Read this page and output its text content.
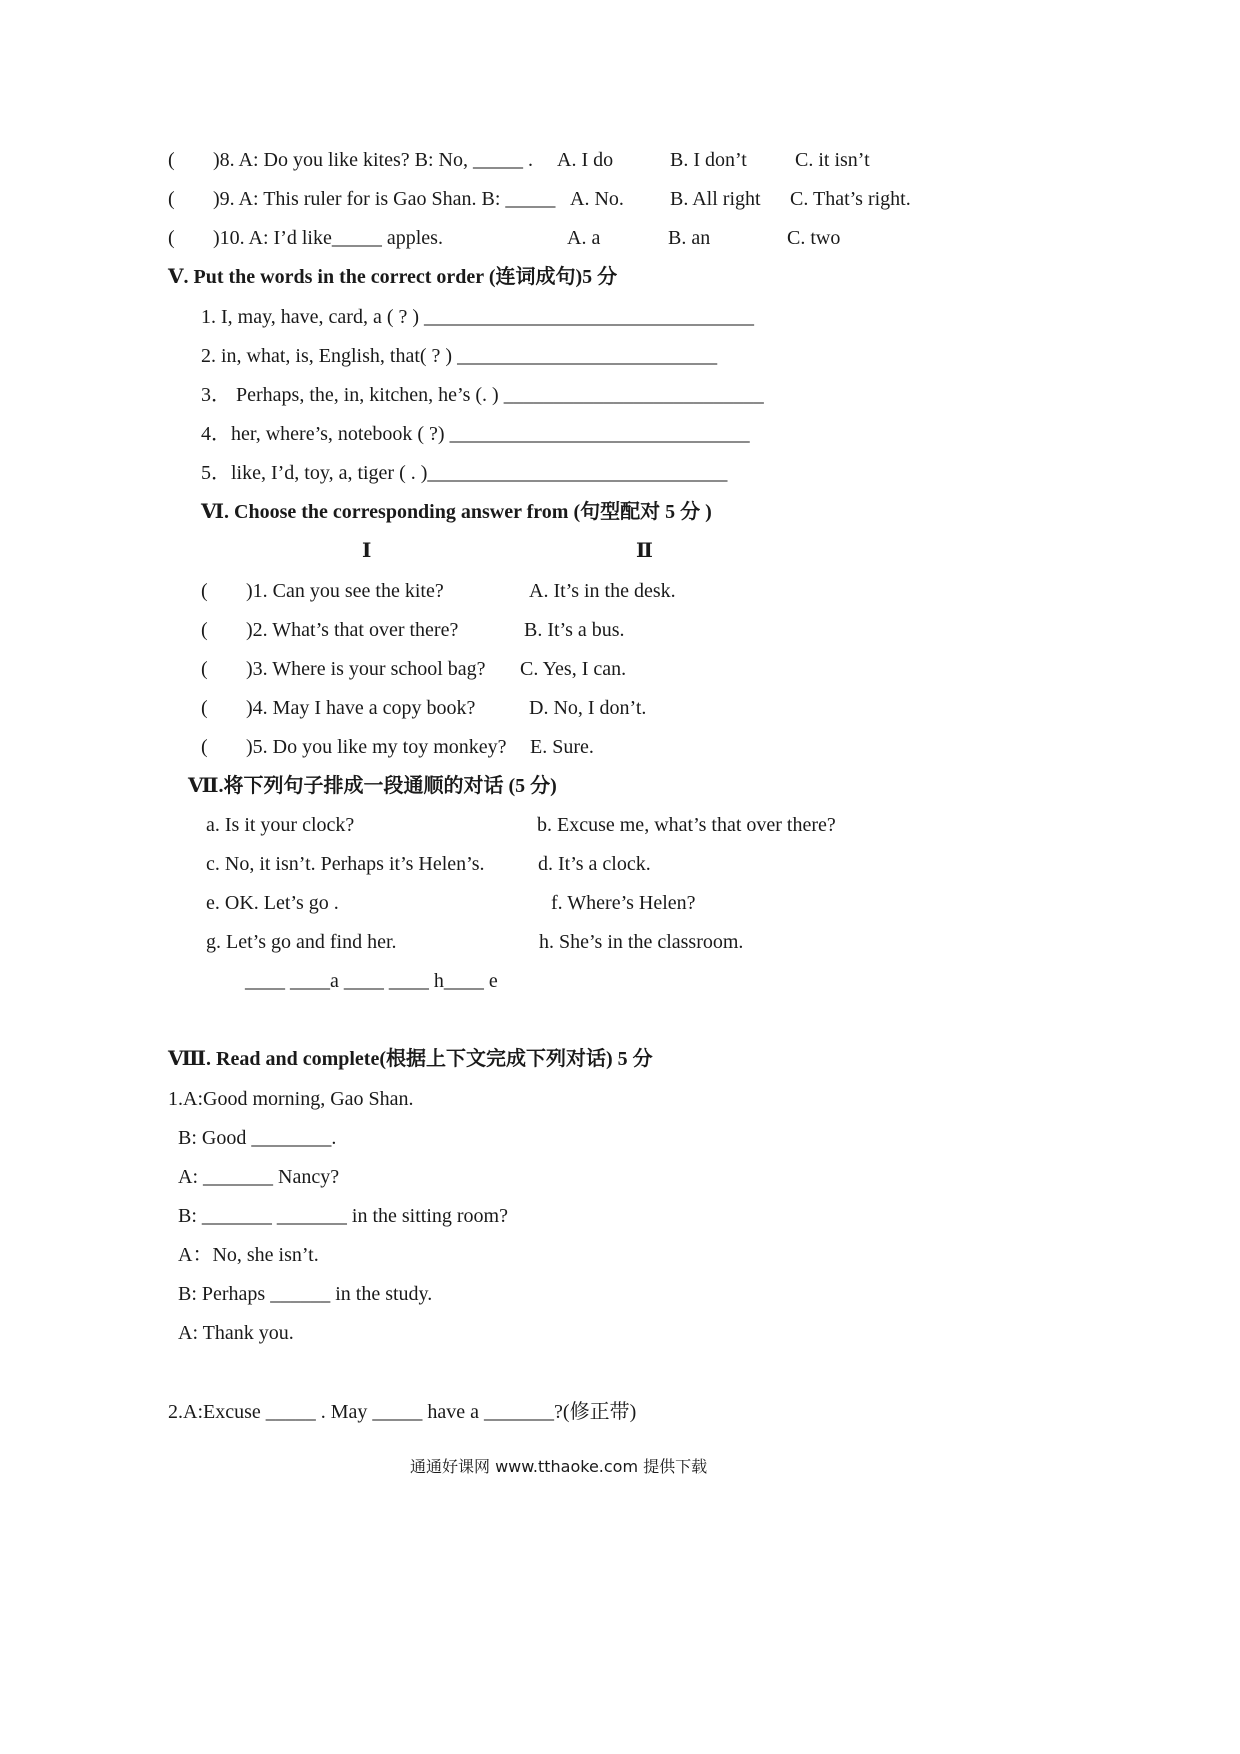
( )8. A: Do you like kites? B: No, _____ . A. I do	B. I don’t C. it isn’t
( )9. A: This ruler for is Gao Shan. B: _____ A. No. B. All right C. That’s right.
( )10. A: I’d like_____ apples.	A. a	B. an	C. two
Ⅴ. Put the words in the correct order (连词成句)5 分
1. I, may, have, card, a ( ? ) _________________________________
2. in, what, is, English, that( ? ) __________________________
3． Perhaps, the, in, kitchen, he’s (. ) __________________________
4．her, where’s, notebook ( ?) ______________________________
5．like, I’d, toy, a, tiger ( . )______________________________
Ⅵ. Choose the corresponding answer from (句型配对 5 分 )
Ⅰ	Ⅱ
( )1. Can you see the kite?	A. It’s in the desk.
( )2. What’s that over there?	B. It’s a bus.
( )3. Where is your school bag? C. Yes, I can.
( )4. May I have a copy book?	D. No, I don’t.
( )5. Do you like my toy monkey? E. Sure.
Ⅶ.将下列句子排成一段通顺的对话 (5 分)
a. Is it your clock?	b. Excuse me, what’s that over there?
c. No, it isn’t. Perhaps it’s Helen’s.	d. It’s a clock.
e. OK. Let’s go .	f. Where’s Helen?
g. Let’s go and find her.	h. She’s in the classroom.
____ ____a ____ ____ h____ e
Ⅷ. Read and complete(根据上下文完成下列对话) 5 分
1.A:Good morning, Gao Shan.
B: Good ________.
A: _______ Nancy?
B: _______ _______ in the sitting room?
A：No, she isn’t.
B: Perhaps ______ in the study.
A: Thank you.
2.A:Excuse _____ . May _____ have a _______?(修正带)
通通好课网 www.tthaoke.com 提供下载
